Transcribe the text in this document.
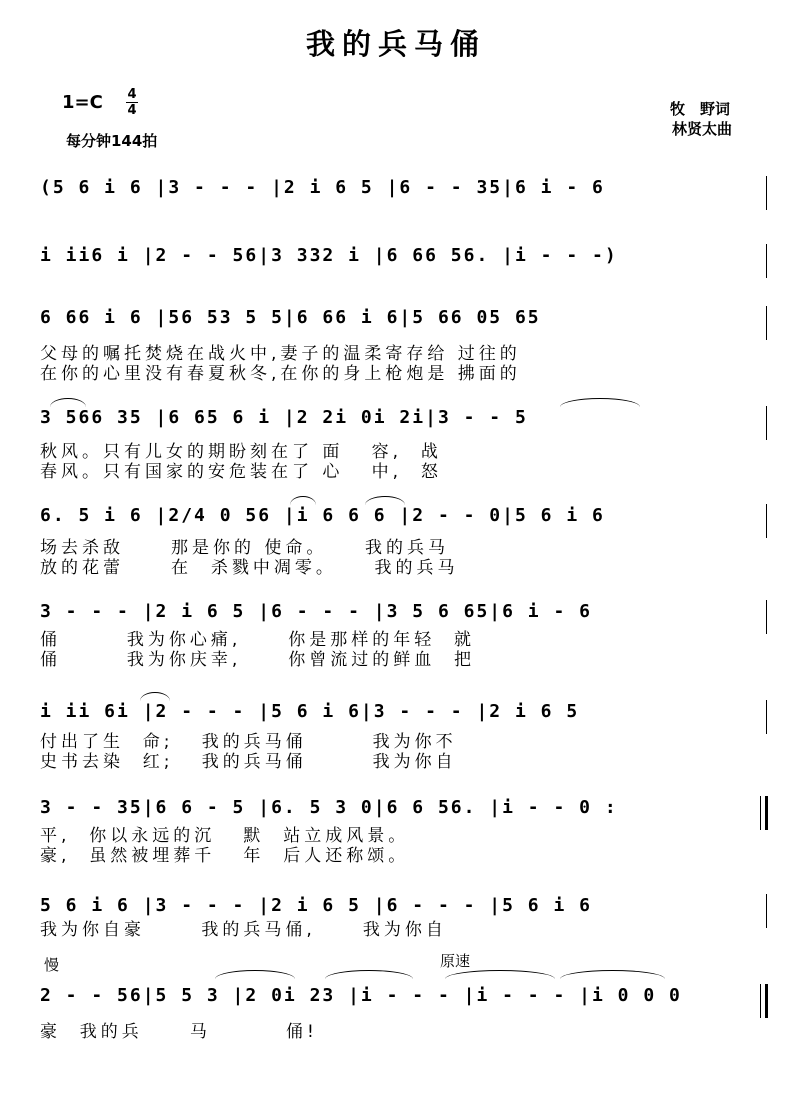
我的兵马俑
1=C 4
4
每分钟144拍
牧　野词
林贤太曲
(5 6 i 6 |3 - - - |2 i 6 5 |6 - - 35|6 i - 6
i ii6 i |2 - - 56|3 332 i |6 66 56. |i - - -)
6 66 i 6 |56 53 5 5|6 66 i 6|5 66 05 65
父母的嘱托焚烧在战火中,妻子的温柔寄存给 过往的
在你的心里没有春夏秋冬,在你的身上枪炮是 拂面的
3 566 35 |6 65 6 i |2 2i 0i 2i|3 - - 5
秋风。只有儿女的期盼刻在了 面   容,  战
春风。只有国家的安危装在了 心   中,  怒
6. 5 i 6 |2/4 0 56 |i 6 6 6 |2 - - 0|5 6 i 6
场去杀敌     那是你的 使命。    我的兵马
放的花蕾     在  杀戮中凋零。    我的兵马
3 - - - |2 i 6 5 |6 - - - |3 5 6 65|6 i - 6
俑       我为你心痛,     你是那样的年轻  就
俑       我为你庆幸,     你曾流过的鲜血  把
i ii 6i |2 - - - |5 6 i 6|3 - - - |2 i 6 5
付出了生  命;   我的兵马俑       我为你不
史书去染  红;   我的兵马俑       我为你自
3 - - 35|6 6 - 5 |6. 5 3 0|6 6 56. |i - - 0 :
平,  你以永远的沉   默  站立成风景。
豪,  虽然被埋葬千   年  后人还称颂。
5 6 i 6 |3 - - - |2 i 6 5 |6 - - - |5 6 i 6
我为你自豪      我的兵马俑,     我为你自
慢	原速
2 - - 56|5 5 3 |2 0i 23 |i - - - |i - - - |i 0 0 0
豪  我的兵     马        俑!
